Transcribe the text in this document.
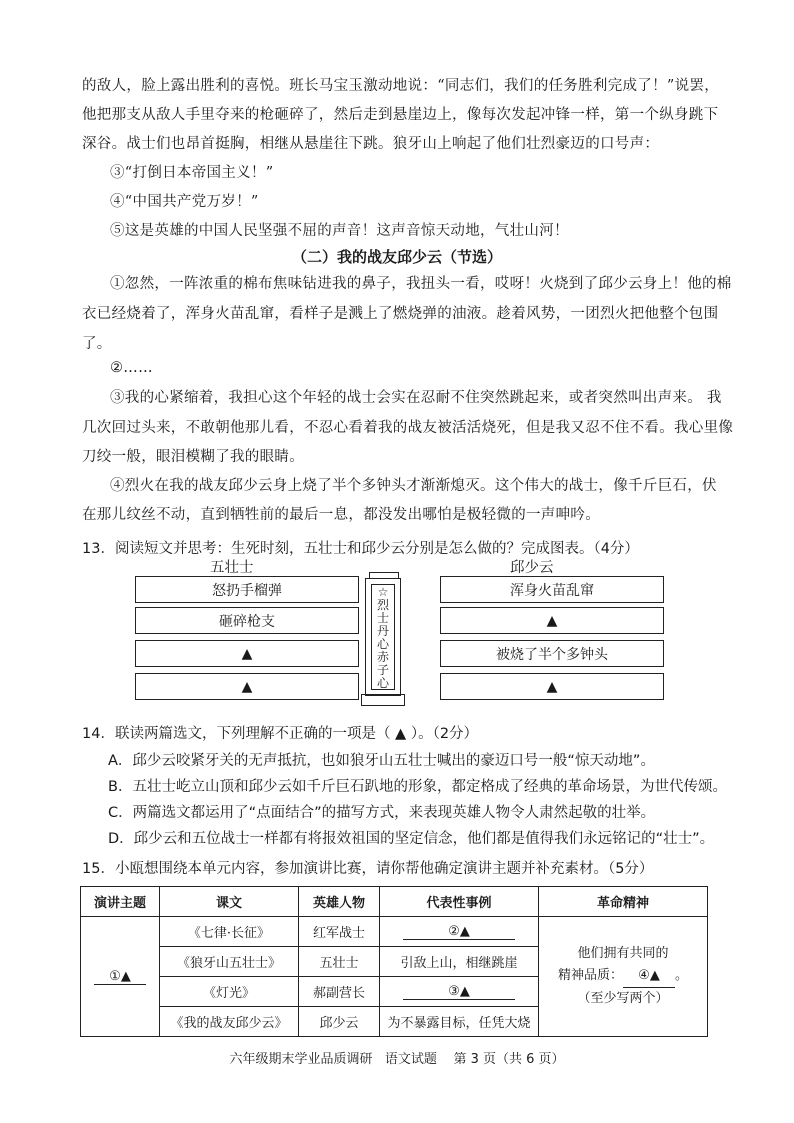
的敌人，脸上露出胜利的喜悦。班长马宝玉激动地说：“同志们，我们的任务胜利完成了！”说罢，
他把那支从敌人手里夺来的枪砸碎了，然后走到悬崖边上，像每次发起冲锋一样，第一个纵身跳下
深谷。战士们也昂首挺胸，相继从悬崖往下跳。狼牙山上响起了他们壮烈豪迈的口号声：
③“打倒日本帝国主义！”
④“中国共产党万岁！”
⑤这是英雄的中国人民坚强不屈的声音！这声音惊天动地，气壮山河！
（二）我的战友邱少云（节选）
①忽然，一阵浓重的棉布焦味钻进我的鼻子，我扭头一看，哎呀！火烧到了邱少云身上！他的棉
衣已经烧着了，浑身火苗乱窜，看样子是溅上了燃烧弹的油液。趁着风势，一团烈火把他整个包围
了。
②……
③我的心紧缩着，我担心这个年轻的战士会实在忍耐不住突然跳起来，或者突然叫出声来。 我
几次回过头来，不敢朝他那儿看，不忍心看着我的战友被活活烧死，但是我又忍不住不看。我心里像
刀绞一般，眼泪模糊了我的眼睛。
④烈火在我的战友邱少云身上烧了半个多钟头才渐渐熄灭。这个伟大的战士，像千斤巨石，伏
在那儿纹丝不动，直到牺牲前的最后一息，都没发出哪怕是极轻微的一声呻吟。
13．阅读短文并思考：生死时刻，五壮士和邱少云分别是怎么做的？完成图表。（4分）
五壮士	邱少云
怒扔手榴弹
砸碎枪支
▲
▲
浑身火苗乱窜
▲
被烧了半个多钟头
▲
☆
烈
士
丹
心
赤
子
心
14．联读两篇选文，下列理解不正确的一项是（ ▲ ）。（2分）
A．邱少云咬紧牙关的无声抵抗，也如狼牙山五壮士喊出的豪迈口号一般“惊天动地”。
B．五壮士屹立山顶和邱少云如千斤巨石趴地的形象，都定格成了经典的革命场景，为世代传颂。
C．两篇选文都运用了“点面结合”的描写方式，来表现英雄人物令人肃然起敬的壮举。
D．邱少云和五位战士一样都有将报效祖国的坚定信念，他们都是值得我们永远铭记的“壮士”。
15．小瓯想围绕本单元内容，参加演讲比赛，请你帮他确定演讲主题并补充素材。（5分）
演讲主题	课文	英雄人物	代表性事例	革命精神
①▲	《七律·长征》	红军战士	②▲	他们拥有共同的
精神品质： ④▲ 。
（至少写两个）

	《狼牙山五壮士》	五壮士	引敌上山，相继跳崖	
	《灯光》	郝副营长	③▲	
	《我的战友邱少云》	邱少云	为不暴露目标，任凭大烧	
六年级期末学业品质调研 语文试题 第 3 页（共 6 页）
